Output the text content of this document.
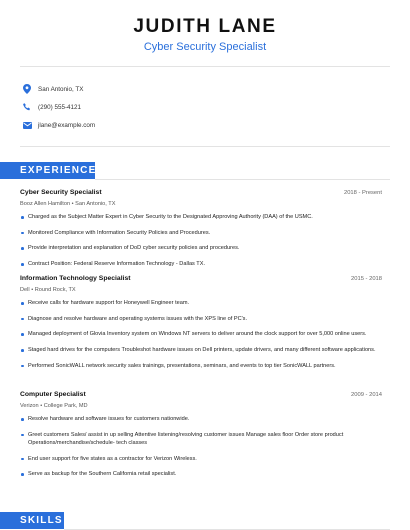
JUDITH LANE
Cyber Security Specialist
San Antonio, TX
(290) 555-4121
jlane@example.com
EXPERIENCE
Cyber Security Specialist	2018 - Present
Booz Allen Hamilton • San Antonio, TX
Charged as the Subject Matter Expert in Cyber Security to the Designated Approving Authority (DAA) of the USMC.
Monitored Compliance with Information Security Policies and Procedures.
Provide interpretation and explanation of DoD cyber security policies and procedures.
Contract Position: Federal Reserve Information Technology - Dallas TX.
Information Technology Specialist	2015 - 2018
Dell • Round Rock, TX
Receive calls for hardware support for Honeywell Engineer team.
Diagnose and resolve hardware and operating systems issues with the XPS line of PC's.
Managed deployment of Glovia Inventory system on Windows NT servers to deliver around the clock support for over 5,000 online users.
Staged hard drives for the computers Troubleshot hardware issues on Dell printers, update drivers, and many different software applications.
Performed SonicWALL network security sales trainings, presentations, seminars, and events to top tier SonicWALL partners.
Computer Specialist	2009 - 2014
Verizon • College Park, MD
Resolve hardware and software issues for customers nationwide.
Greet customers Sales/ assist in up selling Attentive listening/resolving customer issues Manage sales floor Order store product Operations/merchandise/schedule- tech classes
End user support for five states as a contractor for Verizon Wireless.
Serve as backup for the Southern California retail specialist.
SKILLS
